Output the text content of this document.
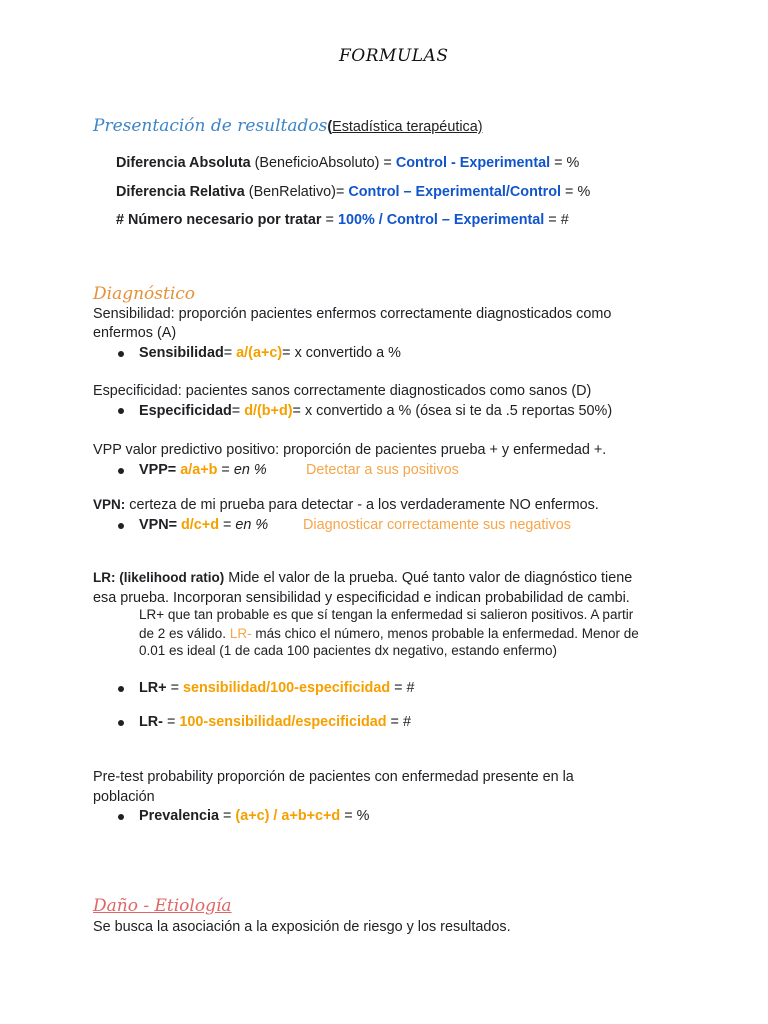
FORMULAS
Presentación de resultados(Estadística terapéutica)
Diferencia Absoluta (BeneficioAbsoluto) = Control - Experimental = %
Diferencia Relativa (BenRelativo)= Control – Experimental/Control = %
# Número necesario por tratar = 100% / Control – Experimental = #
Diagnóstico
Sensibilidad: proporción pacientes enfermos correctamente diagnosticados como
enfermos (A)
Sensibilidad= a/(a+c)= x convertido a %
Especificidad: pacientes sanos correctamente diagnosticados como sanos (D)
Especificidad= d/(b+d)= x convertido a % (ósea si te da .5 reportas 50%)
VPP valor predictivo positivo: proporción de pacientes prueba + y enfermedad +.
VPP= a/a+b = en %	Detectar a sus positivos
VPN: certeza de mi prueba para detectar - a los verdaderamente NO enfermos.
VPN= d/c+d = en % Diagnosticar correctamente sus negativos
LR: (likelihood ratio) Mide el valor de la prueba. Qué tanto valor de diagnóstico tiene
esa prueba. Incorporan sensibilidad y especificidad e indican probabilidad de cambi.
LR+ que tan probable es que sí tengan la enfermedad si salieron positivos. A partir
de 2 es válido. LR- más chico el número, menos probable la enfermedad. Menor de
0.01 es ideal (1 de cada 100 pacientes dx negativo, estando enfermo)
LR+ = sensibilidad/100-especificidad = #
LR- = 100-sensibilidad/especificidad = #
Pre-test probability proporción de pacientes con enfermedad presente en la
población
Prevalencia = (a+c) / a+b+c+d = %
Daño - Etiología
Se busca la asociación a la exposición de riesgo y los resultados.
